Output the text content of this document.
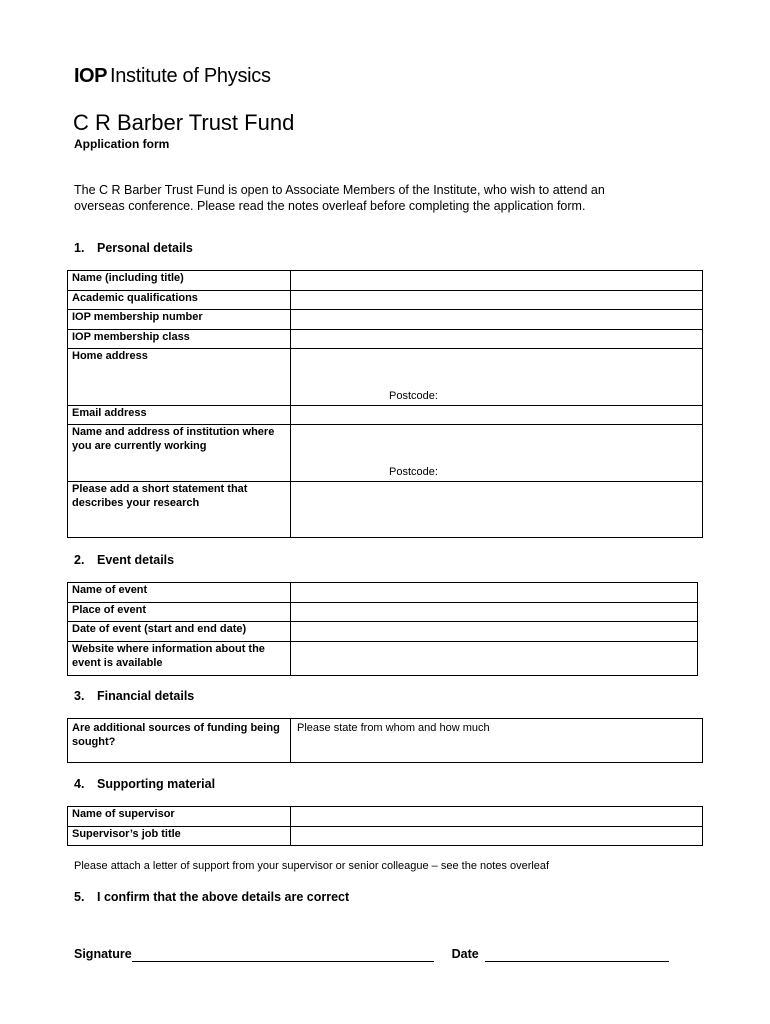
IOP Institute of Physics
C R Barber Trust Fund
Application form
The C R Barber Trust Fund is open to Associate Members of the Institute, who wish to attend an
overseas conference. Please read the notes overleaf before completing the application form.
1. Personal details
Name (including title)	
Academic qualifications	
IOP membership number	
IOP membership class	
Home address	Postcode:

Email address	
Name and address of institution where you are currently working	Postcode:

Please add a short statement that describes your research	
2. Event details
Name of event	
Place of event	
Date of event (start and end date)	
Website where information about the event is available	
3. Financial details
Are additional sources of funding being sought?	Please state from whom and how much
4. Supporting material
Name of supervisor	
Supervisor’s job title	
Please attach a letter of support from your supervisor or senior colleague – see the notes overleaf
5. I confirm that the above details are correct
Signature	Date
